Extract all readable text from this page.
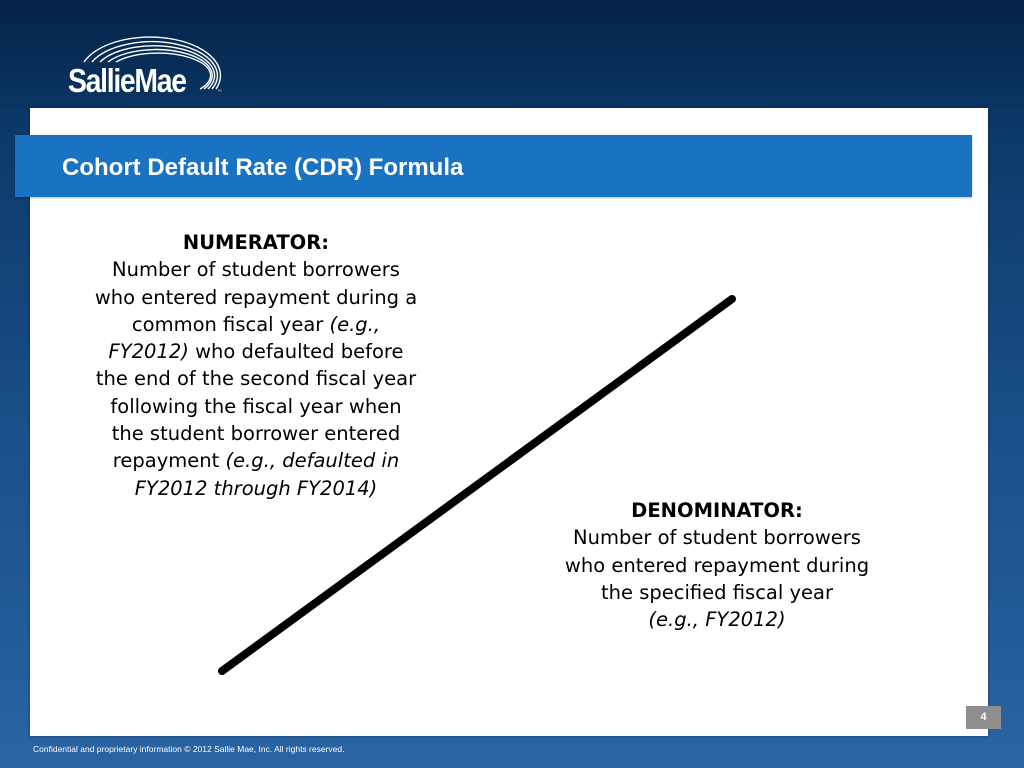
SallieMae	™
Cohort Default Rate (CDR) Formula
NUMERATOR:
Number of student borrowers
who entered repayment during a
common fiscal year (e.g.,
FY2012) who defaulted before
the end of the second fiscal year
following the fiscal year when
the student borrower entered
repayment (e.g., defaulted in
FY2012 through FY2014)
DENOMINATOR:
Number of student borrowers
who entered repayment during
the specified fiscal year
(e.g., FY2012)
4
Confidential and proprietary information © 2012 Sallie Mae, Inc. All rights reserved.
